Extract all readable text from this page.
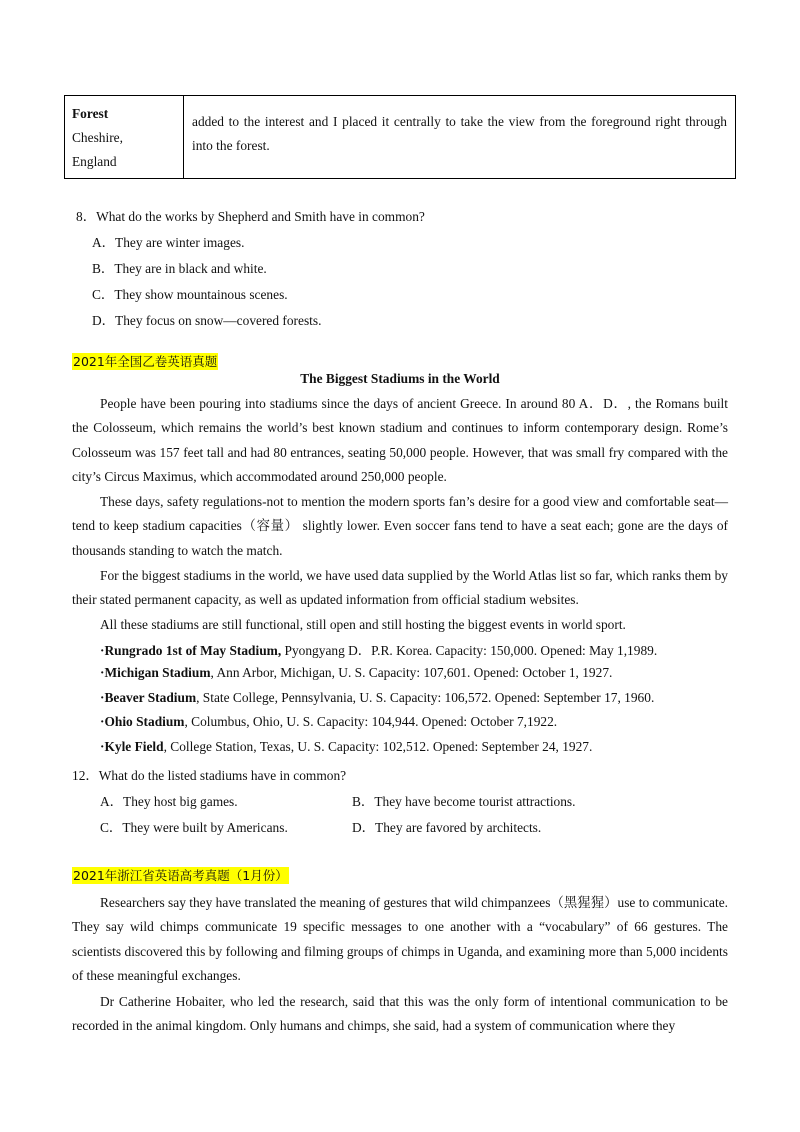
Forest
Cheshire,
England
added to the interest and I placed it centrally to take the view from the foreground right through into the forest.
8．What do the works by Shepherd and Smith have in common?
A．They are winter images.
B．They are in black and white.
C．They show mountainous scenes.
D．They focus on snow—covered forests.
2021年全国乙卷英语真题
The Biggest Stadiums in the World
People have been pouring into stadiums since the days of ancient Greece. In around 80 A．D．, the Romans built the Colosseum, which remains the world’s best known stadium and continues to inform contemporary design. Rome’s Colosseum was 157 feet tall and had 80 entrances, seating 50,000 people. However, that was small fry compared with the city’s Circus Maximus, which accommodated around 250,000 people.
These days, safety regulations-not to mention the modern sports fan’s desire for a good view and comfortable seat—tend to keep stadium capacities（容量） slightly lower. Even soccer fans tend to have a seat each; gone are the days of thousands standing to watch the match.
For the biggest stadiums in the world, we have used data supplied by the World Atlas list so far, which ranks them by their stated permanent capacity, as well as updated information from official stadium websites.
All these stadiums are still functional, still open and still hosting the biggest events in world sport.
·Rungrado 1st of May Stadium, Pyongyang D．P.R. Korea. Capacity: 150,000. Opened: May 1,1989.
·Michigan Stadium, Ann Arbor, Michigan, U. S. Capacity: 107,601. Opened: October 1, 1927.
·Beaver Stadium, State College, Pennsylvania, U. S. Capacity: 106,572. Opened: September 17, 1960.
·Ohio Stadium, Columbus, Ohio, U. S. Capacity: 104,944. Opened: October 7,1922.
·Kyle Field, College Station, Texas, U. S. Capacity: 102,512. Opened: September 24, 1927.
12．What do the listed stadiums have in common?
A．They host big games.	B．They have become tourist attractions.
C．They were built by Americans.	D．They are favored by architects.
2021年浙江省英语高考真题（1月份）
Researchers say they have translated the meaning of gestures that wild chimpanzees（黑猩猩）use to communicate. They say wild chimps communicate 19 specific messages to one another with a “vocabulary” of 66 gestures. The scientists discovered this by following and filming groups of chimps in Uganda, and examining more than 5,000 incidents of these meaningful exchanges.
Dr Catherine Hobaiter, who led the research, said that this was the only form of intentional communication to be recorded in the animal kingdom. Only humans and chimps, she said, had a system of communication where they
